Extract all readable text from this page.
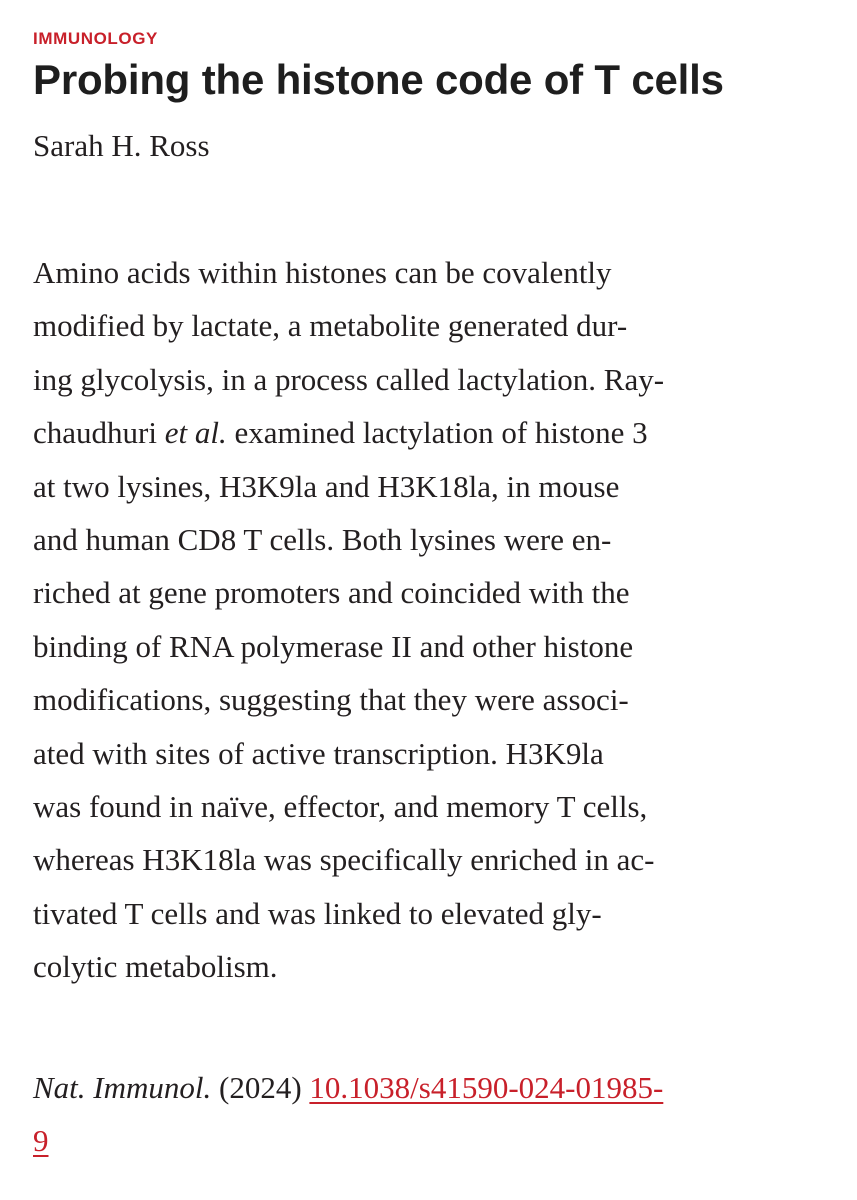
IMMUNOLOGY
Probing the histone code of T cells
Sarah H. Ross

Amino acids within histones can be covalently
modified by lactate, a metabolite generated dur-
ing glycolysis, in a process called lactylation. Ray-
chaudhuri et al. examined lactylation of histone 3
at two lysines, H3K9la and H3K18la, in mouse
and human CD8 T cells. Both lysines were en-
riched at gene promoters and coincided with the
binding of RNA polymerase II and other histone
modifications, suggesting that they were associ-
ated with sites of active transcription. H3K9la
was found in naïve, effector, and memory T cells,
whereas H3K18la was specifically enriched in ac-
tivated T cells and was linked to elevated gly-
colytic metabolism.

Nat. Immunol. (2024) 10.1038/s41590-024-01985-
9
